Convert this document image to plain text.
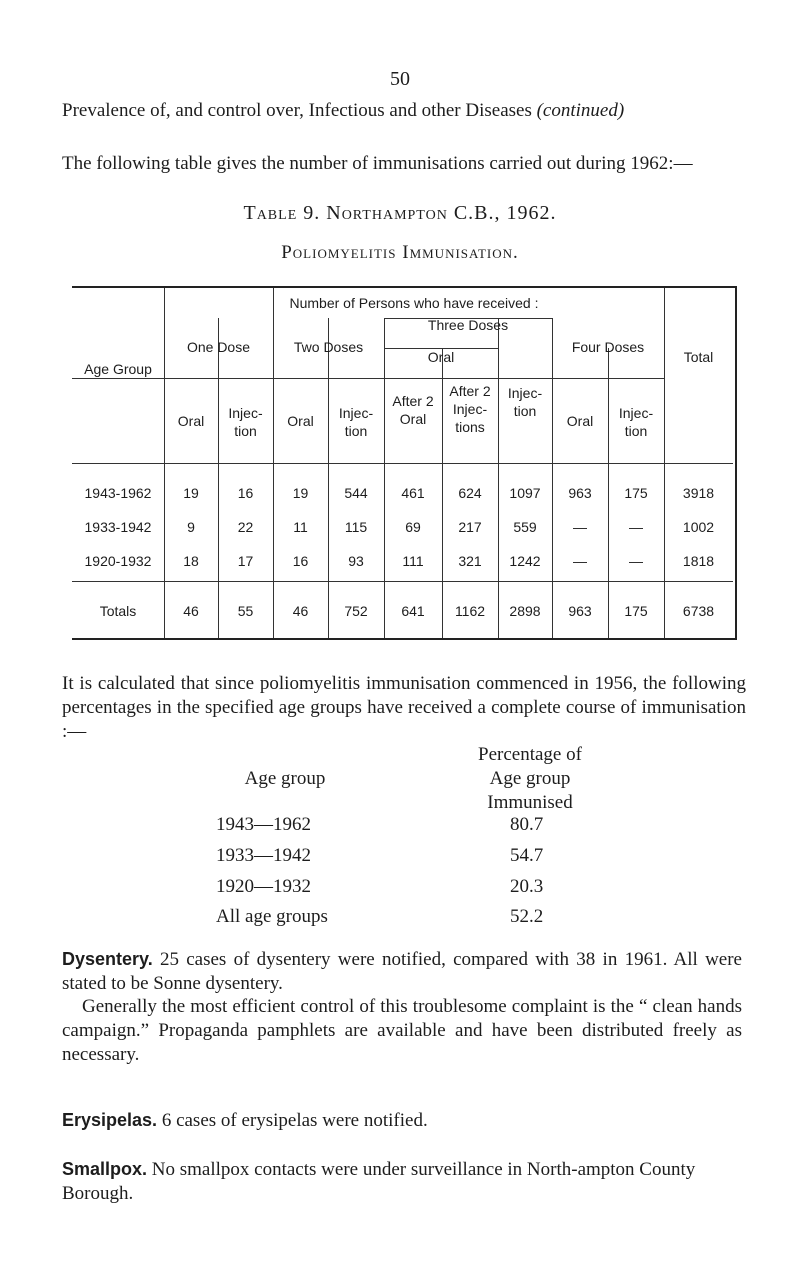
50
Prevalence of, and control over, Infectious and other Diseases (continued)
The following table gives the number of immunisations carried out during 1962:—
Table 9. Northampton C.B., 1962.
Poliomyelitis Immunisation.
Number of Persons who have received :
Age Group
One Dose	Two Doses
Three Doses
Oral
Four Doses
Total
Oral	Injec- tion
Oral	Injec- tion
After 2 Oral
After 2 Injec- tions
Injec- tion
Oral	Injec- tion
1943-1962	19	16	19	544	461	624	1097	963	175	3918
1933-1942	9	22	11	115	69	217	559	—	—	1002
1920-1932	18	17	16	93	111	321	1242	—	—	1818
Totals	46	55	46	752	641	1162	2898	963	175	6738
It is calculated that since poliomyelitis immunisation commenced in 1956, the following percentages in the specified age groups have received a complete course of immunisation :—
Age group
Percentage of
Age group
Immunised
1943—1962	80.7
1933—1942	54.7
1920—1932	20.3
All age groups	52.2
Dysentery. 25 cases of dysentery were notified, compared with 38 in 1961. All were stated to be Sonne dysentery.
Generally the most efficient control of this troublesome complaint is the “ clean hands campaign.” Propaganda pamphlets are available and have been distributed freely as necessary.
Erysipelas. 6 cases of erysipelas were notified.
Smallpox. No smallpox contacts were under surveillance in North-ampton County Borough.
